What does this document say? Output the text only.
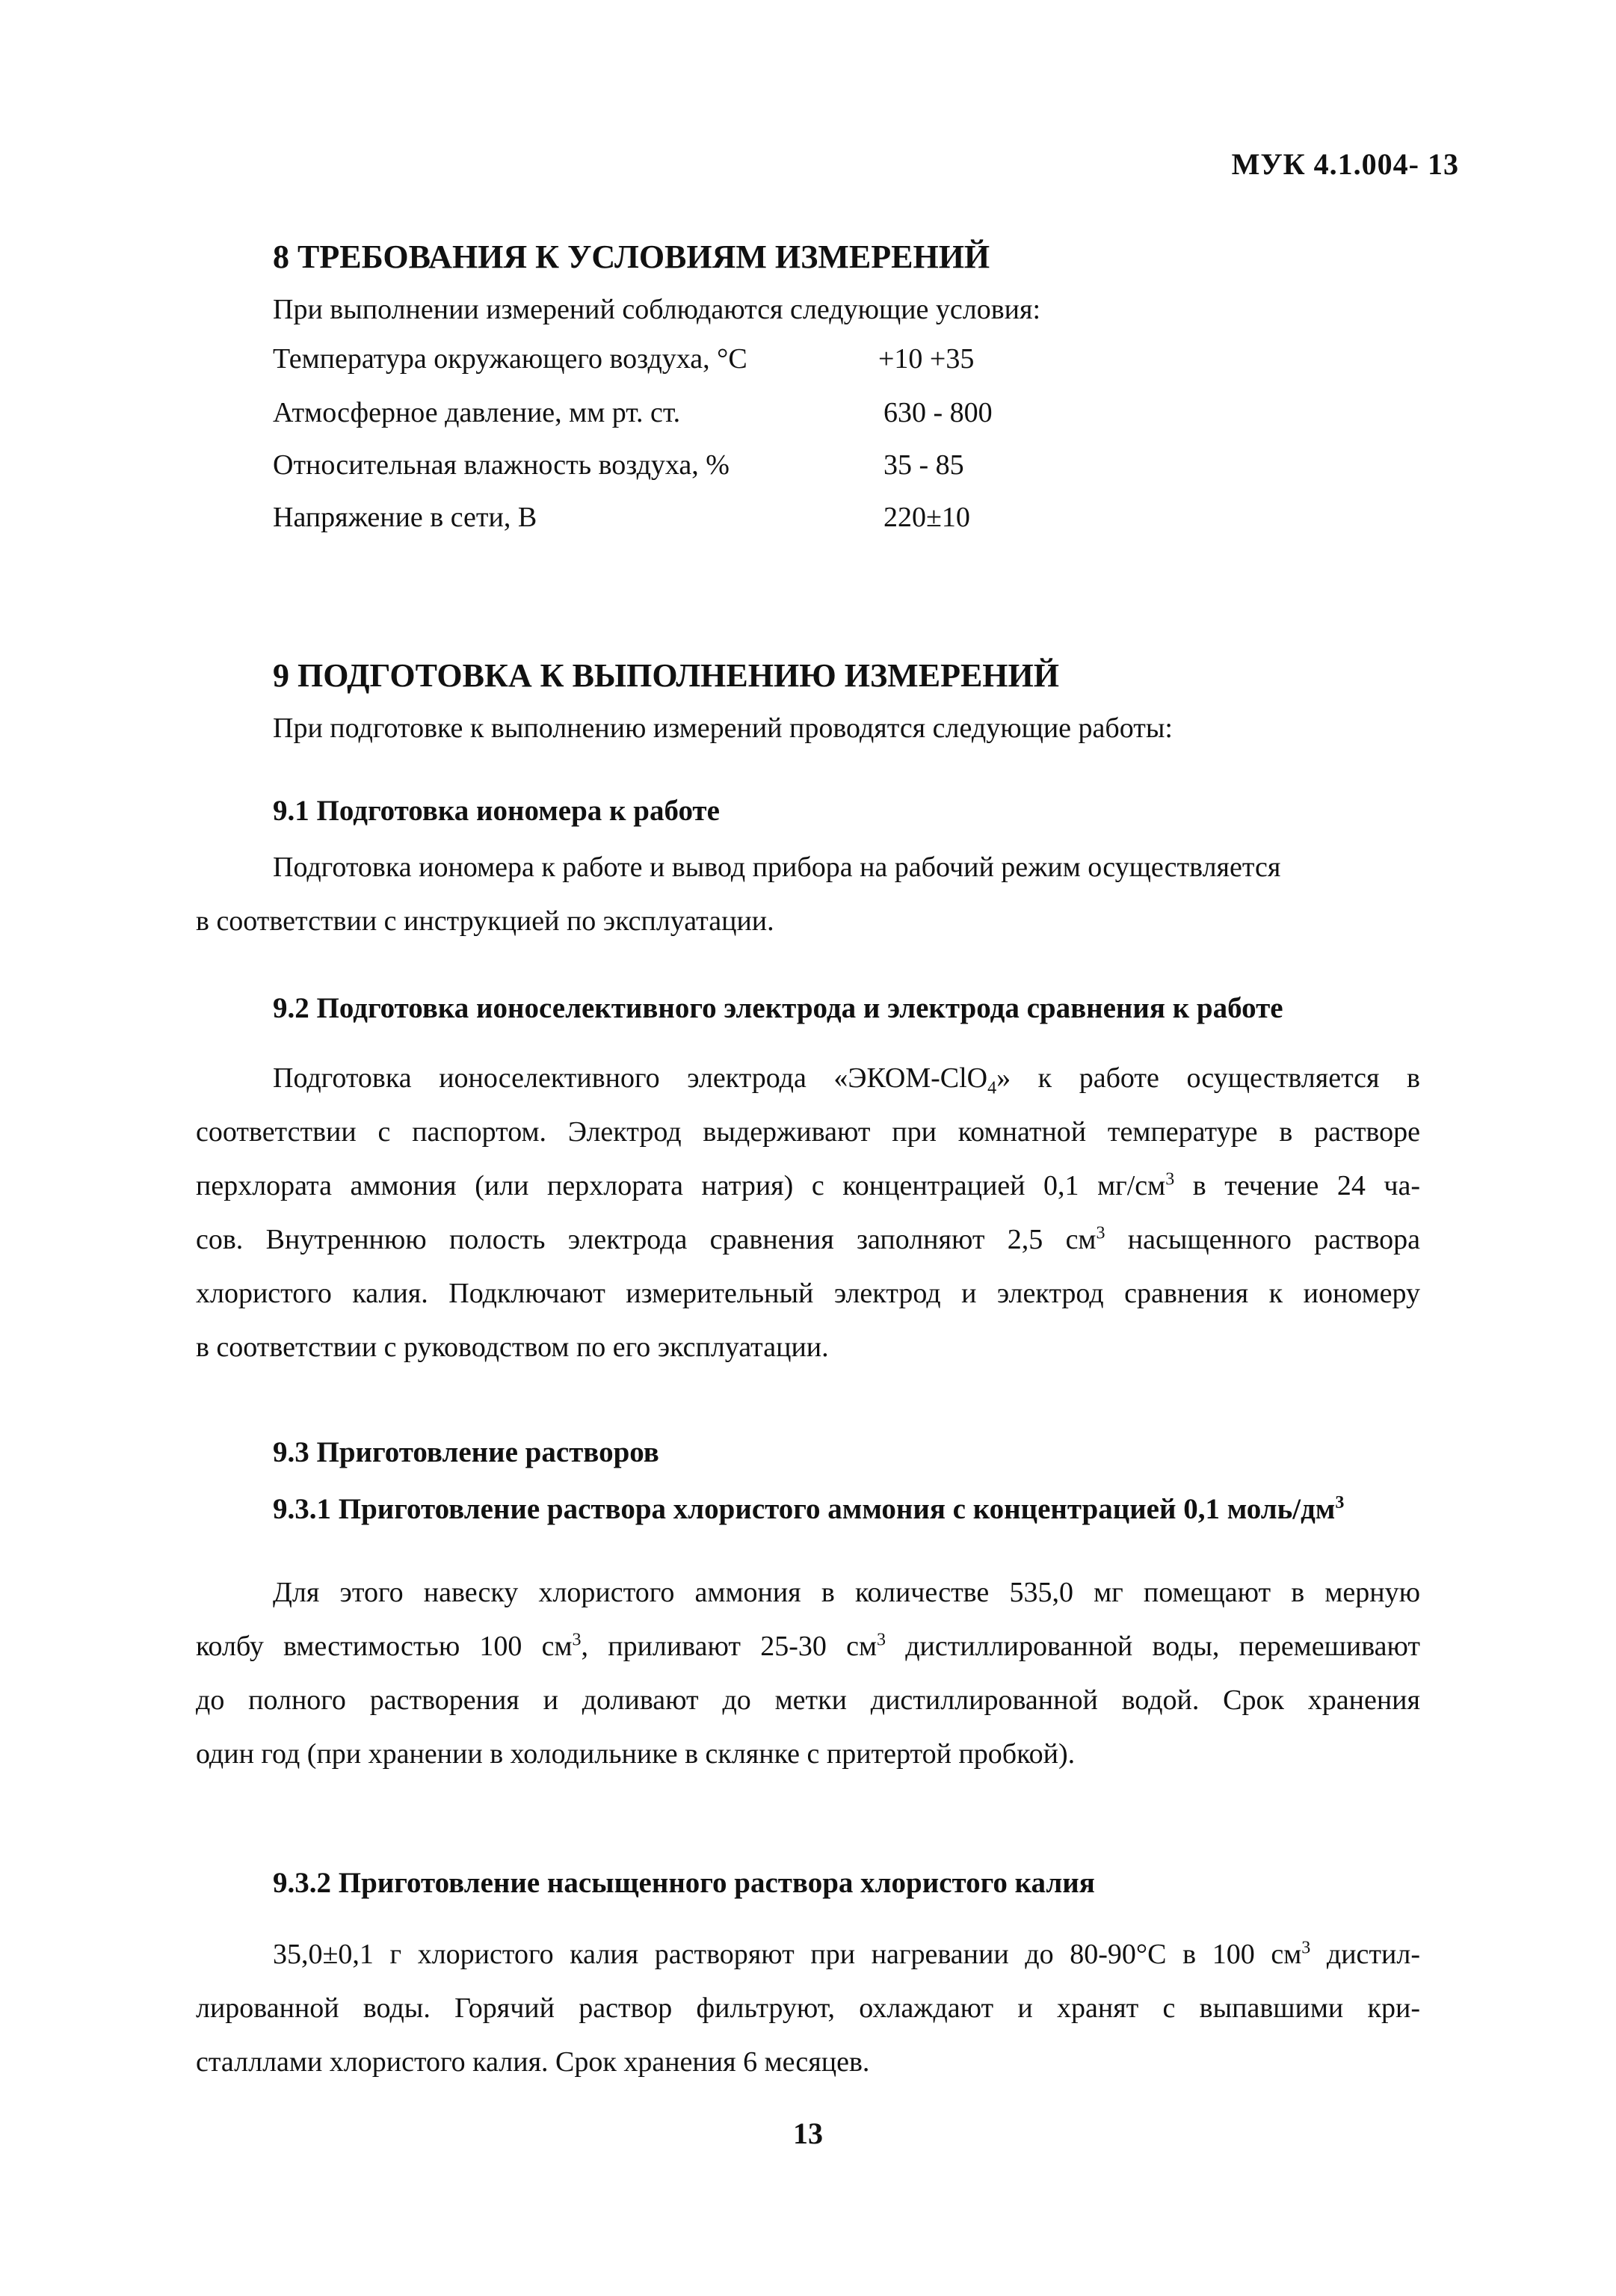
МУК 4.1.004- 13
8 ТРЕБОВАНИЯ К УСЛОВИЯМ ИЗМЕРЕНИЙ
При выполнении измерений соблюдаются следующие условия:
Температура окружающего воздуха, °С	+10 +35
Атмосферное давление, мм рт. ст.	630 - 800
Относительная влажность воздуха, %	35 - 85
Напряжение в сети, В	220±10
9 ПОДГОТОВКА К ВЫПОЛНЕНИЮ ИЗМЕРЕНИЙ
При подготовке к выполнению измерений проводятся следующие работы:
9.1 Подготовка иономера к работе
Подготовка иономера к работе и вывод прибора на рабочий режим осуществляется
в соответствии с инструкцией по эксплуатации.
9.2 Подготовка ионоселективного электрода и электрода сравнения к работе
Подготовка ионоселективного электрода «ЭКОМ-СlO$_4$» к работе осуществляется в
соответствии с паспортом. Электрод выдерживают при комнатной температуре в растворе
перхлората аммония (или перхлората натрия) с концентрацией 0,1 $мг/см^3$ в течение 24 ча-
сов. Внутреннюю полость электрода сравнения заполняют 2,5 $см^3$ насыщенного раствора
хлористого калия. Подключают измерительный электрод и электрод сравнения к иономеру
в соответствии с руководством по его эксплуатации.
9.3 Приготовление растворов
9.3.1 Приготовление раствора хлористого аммония с концентрацией 0,1 моль/$дм^3$
Для этого навеску хлористого аммония в количестве 535,0 мг помещают в мерную
колбу вместимостью 100 $см^3$, приливают 25-30 $см^3$ дистиллированной воды, перемешивают
до полного растворения и доливают до метки дистиллированной водой. Срок хранения
один год (при хранении в холодильнике в склянке с притертой пробкой).
9.3.2 Приготовление насыщенного раствора хлористого калия
35,0±0,1 г хлористого калия растворяют при нагревании до 80-90°С в 100 $см^3$ дистил-
лированной воды. Горячий раствор фильтруют, охлаждают и хранят с выпавшими кри-
сталллами хлористого калия. Срок хранения 6 месяцев.
13
